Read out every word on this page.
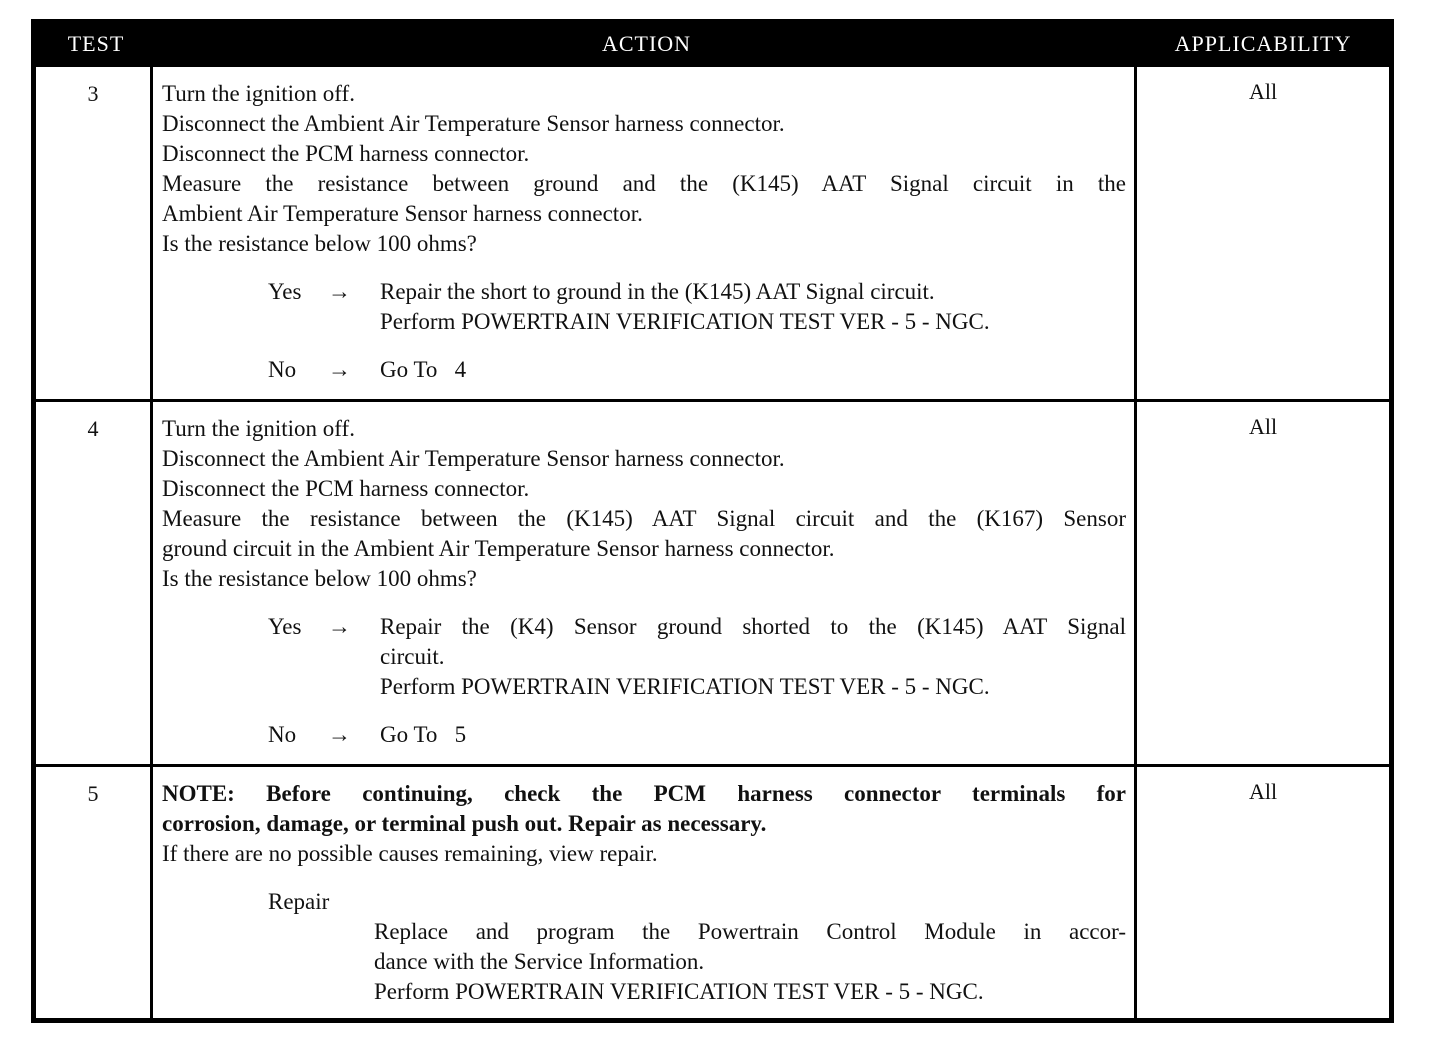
TEST	ACTION	APPLICABILITY
3	Turn the ignition off.
Disconnect the Ambient Air Temperature Sensor harness connector.
Disconnect the PCM harness connector.
Measure the resistance between ground and the (K145) AAT Signal circuit in the
Ambient Air Temperature Sensor harness connector.
Is the resistance below 100 ohms?
Yes	→	Repair the short to ground in the (K145) AAT Signal circuit.
Perform POWERTRAIN VERIFICATION TEST VER - 5 - NGC.
No	→	Go To   4
All
4	Turn the ignition off.
Disconnect the Ambient Air Temperature Sensor harness connector.
Disconnect the PCM harness connector.
Measure the resistance between the (K145) AAT Signal circuit and the (K167) Sensor
ground circuit in the Ambient Air Temperature Sensor harness connector.
Is the resistance below 100 ohms?
Yes	→	Repair the (K4) Sensor ground shorted to the (K145) AAT Signal
circuit.
Perform POWERTRAIN VERIFICATION TEST VER - 5 - NGC.
No	→	Go To   5
All
5	NOTE: Before continuing, check the PCM harness connector terminals for
corrosion, damage, or terminal push out. Repair as necessary.
If there are no possible causes remaining, view repair.
Repair
Replace and program the Powertrain Control Module in accor-
dance with the Service Information.
Perform POWERTRAIN VERIFICATION TEST VER - 5 - NGC.
All
